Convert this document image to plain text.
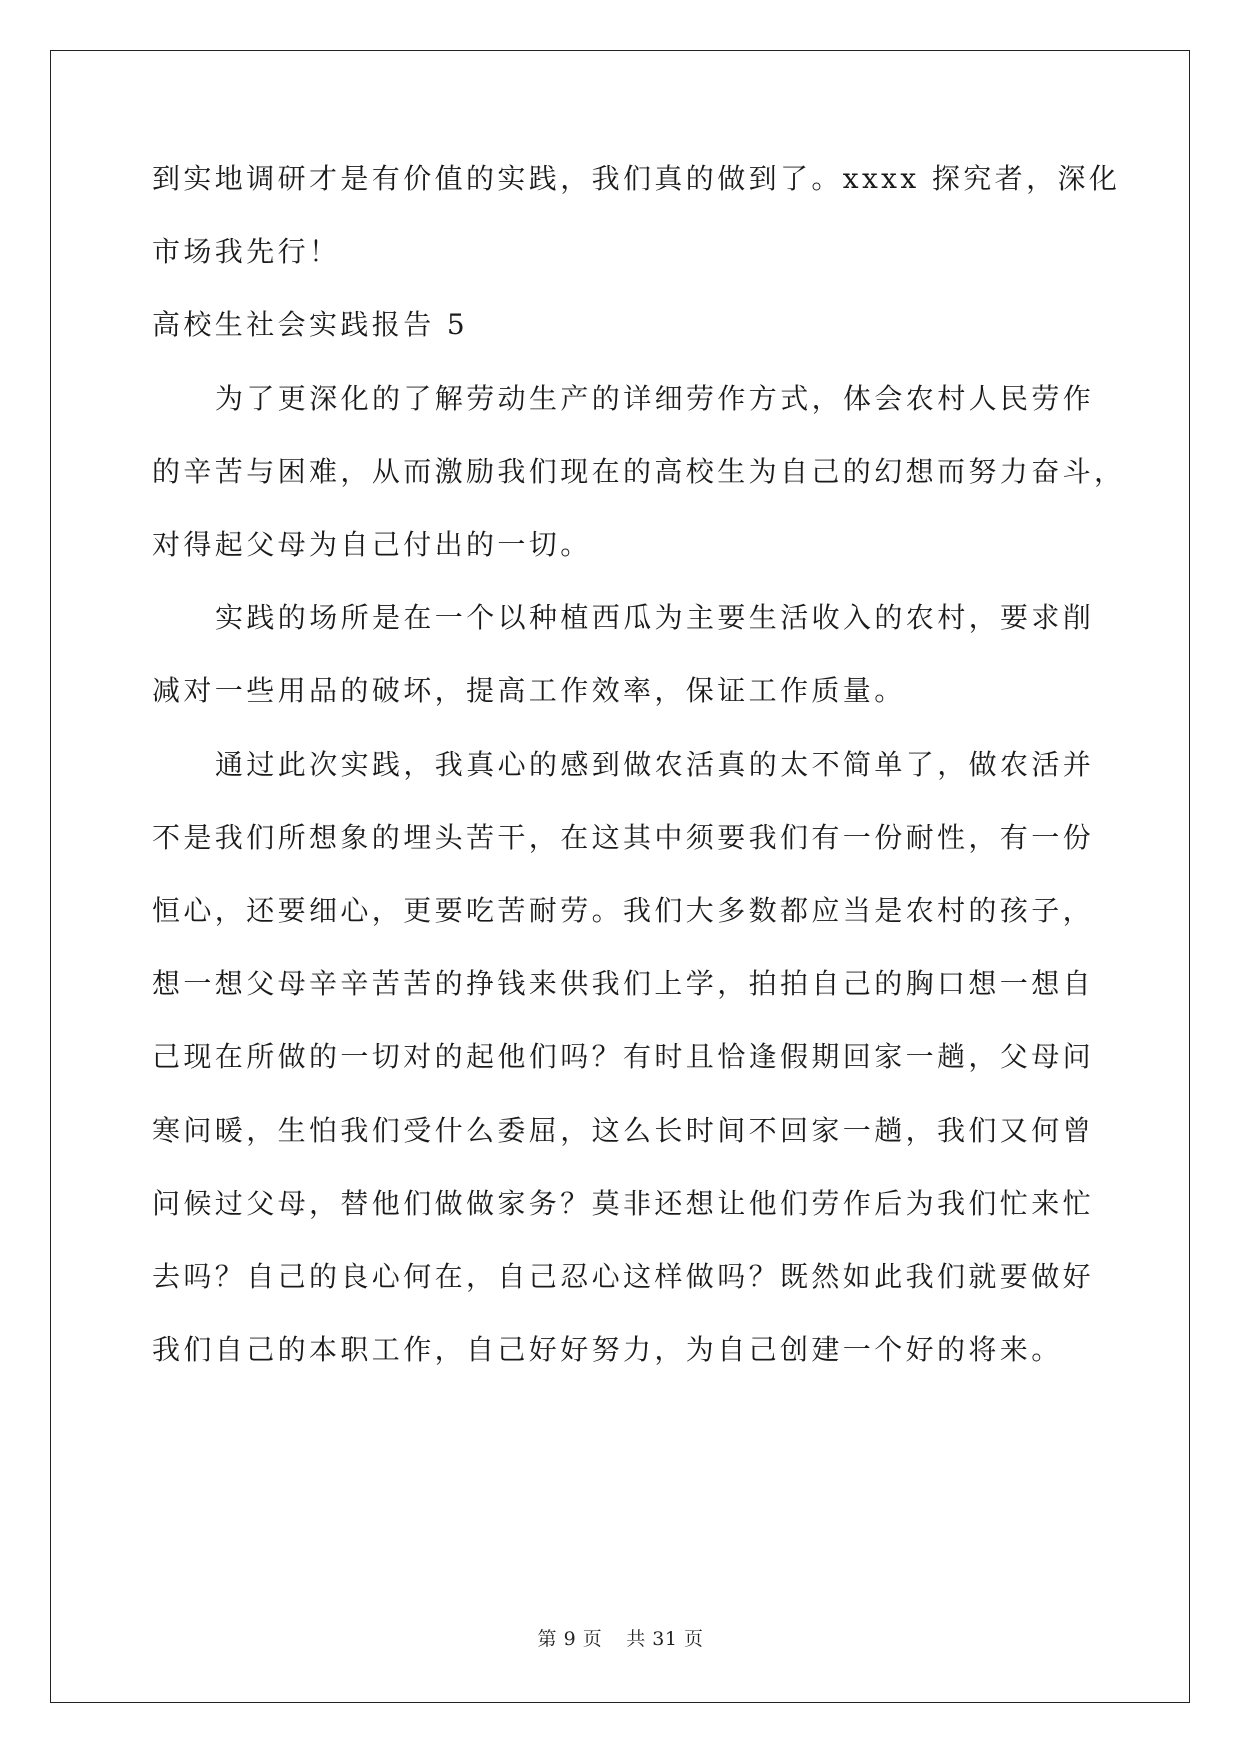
到实地调研才是有价值的实践，我们真的做到了。xxxx 探究者，深化
市场我先行！
高校生社会实践报告 5
为了更深化的了解劳动生产的详细劳作方式，体会农村人民劳作
的辛苦与困难，从而激励我们现在的高校生为自己的幻想而努力奋斗，
对得起父母为自己付出的一切。
实践的场所是在一个以种植西瓜为主要生活收入的农村，要求削
减对一些用品的破坏，提高工作效率，保证工作质量。
通过此次实践，我真心的感到做农活真的太不简单了，做农活并
不是我们所想象的埋头苦干，在这其中须要我们有一份耐性，有一份
恒心，还要细心，更要吃苦耐劳。我们大多数都应当是农村的孩子，
想一想父母辛辛苦苦的挣钱来供我们上学，拍拍自己的胸口想一想自
己现在所做的一切对的起他们吗？有时且恰逢假期回家一趟，父母问
寒问暖，生怕我们受什么委屈，这么长时间不回家一趟，我们又何曾
问候过父母，替他们做做家务？莫非还想让他们劳作后为我们忙来忙
去吗？自己的良心何在，自己忍心这样做吗？既然如此我们就要做好
我们自己的本职工作，自己好好努力，为自己创建一个好的将来。
第 9 页 共 31 页
